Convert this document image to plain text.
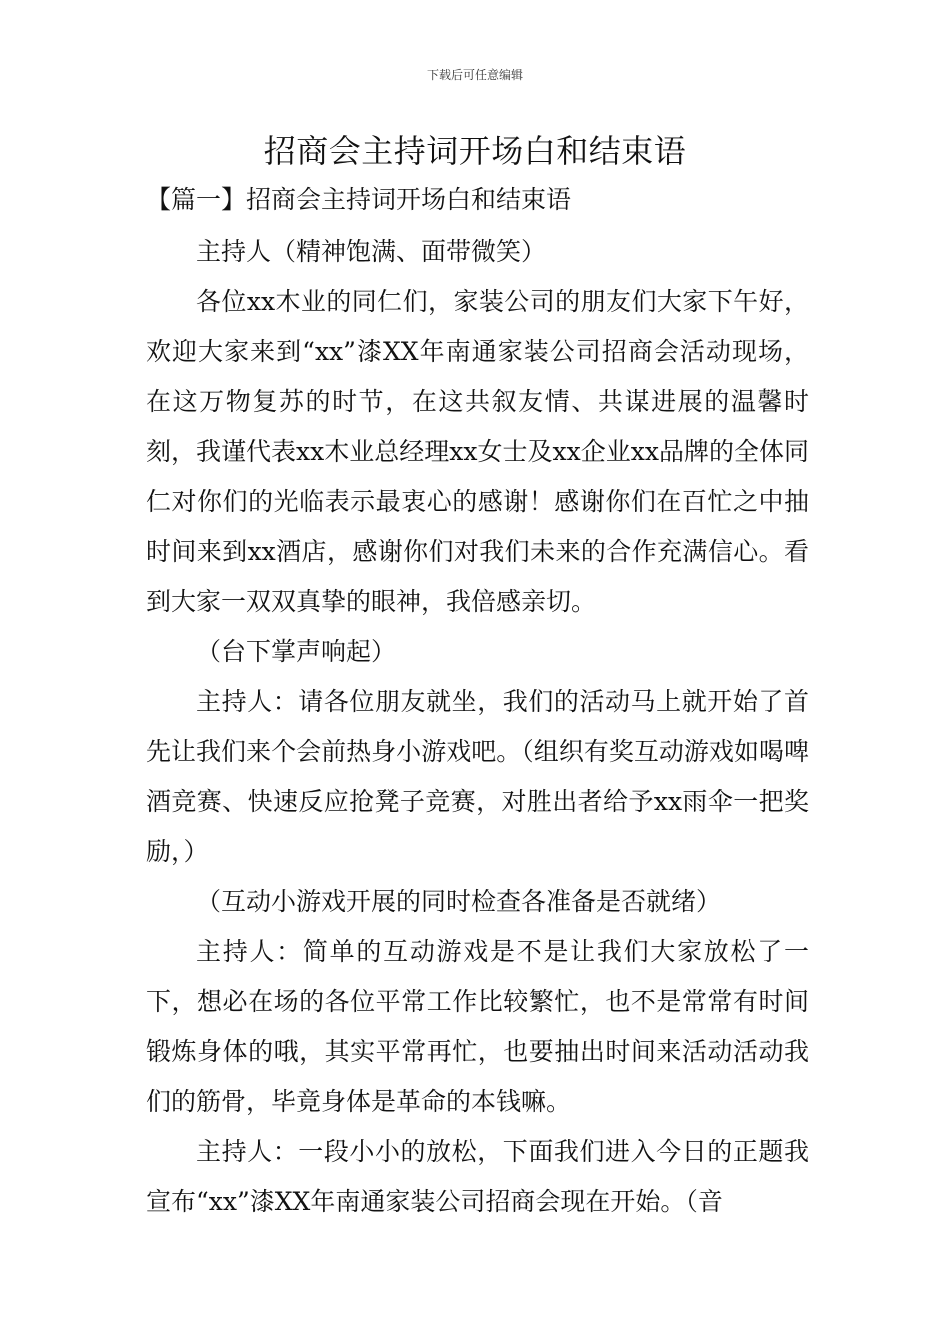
下载后可任意编辑
招商会主持词开场白和结束语
【篇一】招商会主持词开场白和结束语

主持人（精神饱满、面带微笑）

各位xx木业的同仁们，家装公司的朋友们大家下午好，欢迎大家来到“xx”漆XX年南通家装公司招商会活动现场，在这万物复苏的时节，在这共叙友情、共谋进展的温馨时刻，我谨代表xx木业总经理xx女士及xx企业xx品牌的全体同仁对你们的光临表示最衷心的感谢！感谢你们在百忙之中抽时间来到xx酒店，感谢你们对我们未来的合作充满信心。看到大家一双双真挚的眼神，我倍感亲切。

（台下掌声响起）

主持人：请各位朋友就坐，我们的活动马上就开始了首先让我们来个会前热身小游戏吧。（组织有奖互动游戏如喝啤酒竞赛、快速反应抢凳子竞赛，对胜出者给予xx雨伞一把奖励，）

（互动小游戏开展的同时检查各准备是否就绪）

主持人：简单的互动游戏是不是让我们大家放松了一下，想必在场的各位平常工作比较繁忙，也不是常常有时间锻炼身体的哦，其实平常再忙，也要抽出时间来活动活动我们的筋骨，毕竟身体是革命的本钱嘛。

主持人：一段小小的放松，下面我们进入今日的正题我宣布“xx”漆XX年南通家装公司招商会现在开始。（音
